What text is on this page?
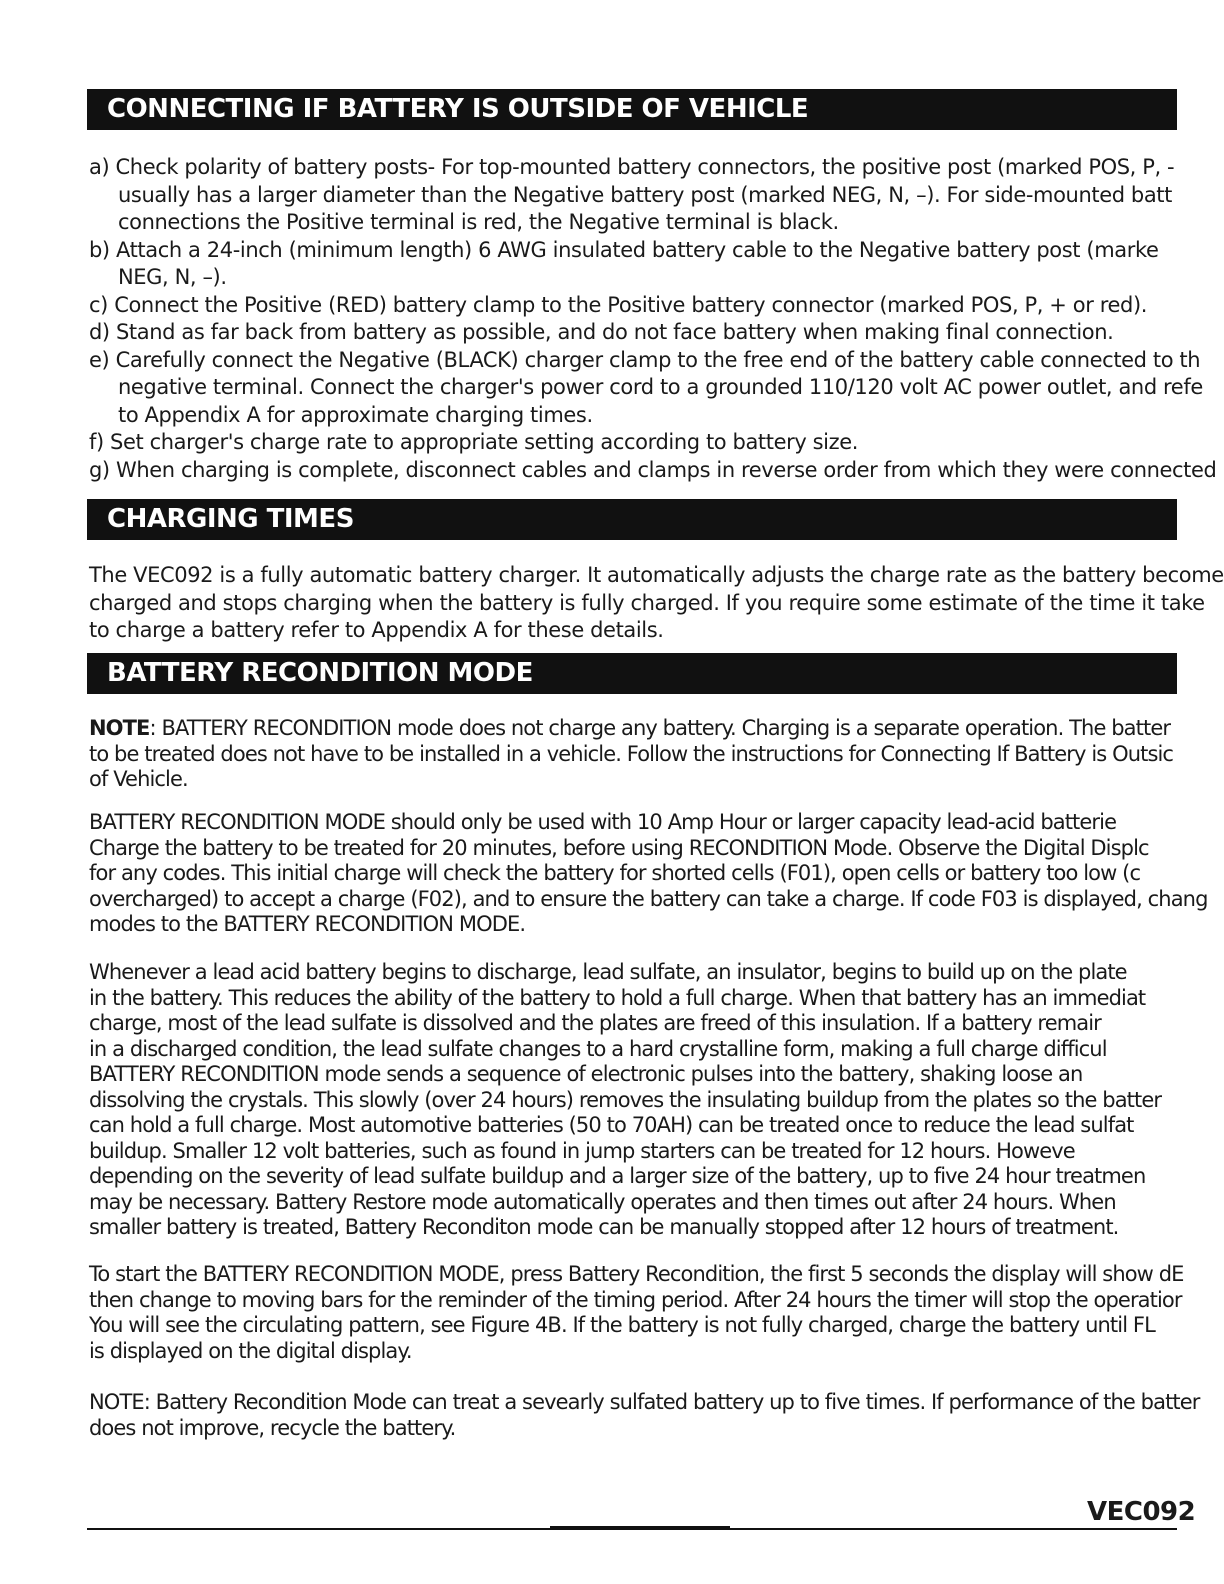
CONNECTING IF BATTERY IS OUTSIDE OF VEHICLE
a) Check polarity of battery posts- For top-mounted battery connectors, the positive post (marked POS, P, -
usually has a larger diameter than the Negative battery post (marked NEG, N, –). For side-mounted batt
connections the Positive terminal is red, the Negative terminal is black.
b) Attach a 24-inch (minimum length) 6 AWG insulated battery cable to the Negative battery post (marke
NEG, N, –).
c) Connect the Positive (RED) battery clamp to the Positive battery connector (marked POS, P, + or red).
d) Stand as far back from battery as possible, and do not face battery when making final connection.
e) Carefully connect the Negative (BLACK) charger clamp to the free end of the battery cable connected to th
negative terminal. Connect the charger's power cord to a grounded 110/120 volt AC power outlet, and refe
to Appendix A for approximate charging times.
f) Set charger's charge rate to appropriate setting according to battery size.
g) When charging is complete, disconnect cables and clamps in reverse order from which they were connected
CHARGING TIMES

The VEC092 is a fully automatic battery charger. It automatically adjusts the charge rate as the battery become
charged and stops charging when the battery is fully charged. If you require some estimate of the time it take
to charge a battery refer to Appendix A for these details.

BATTERY RECONDITION MODE

NOTE: BATTERY RECONDITION mode does not charge any battery. Charging is a separate operation. The batter
to be treated does not have to be installed in a vehicle. Follow the instructions for Connecting If Battery is Outsic
of Vehicle.

BATTERY RECONDITION MODE should only be used with 10 Amp Hour or larger capacity lead-acid batterie
Charge the battery to be treated for 20 minutes, before using RECONDITION Mode. Observe the Digital Displc
for any codes. This initial charge will check the battery for shorted cells (F01), open cells or battery too low (c
overcharged) to accept a charge (F02), and to ensure the battery can take a charge. If code F03 is displayed, chang
modes to the BATTERY RECONDITION MODE.

Whenever a lead acid battery begins to discharge, lead sulfate, an insulator, begins to build up on the plate
in the battery. This reduces the ability of the battery to hold a full charge. When that battery has an immediat
charge, most of the lead sulfate is dissolved and the plates are freed of this insulation. If a battery remair
in a discharged condition, the lead sulfate changes to a hard crystalline form, making a full charge difficul
BATTERY RECONDITION mode sends a sequence of electronic pulses into the battery, shaking loose an
dissolving the crystals. This slowly (over 24 hours) removes the insulating buildup from the plates so the batter
can hold a full charge. Most automotive batteries (50 to 70AH) can be treated once to reduce the lead sulfat
buildup. Smaller 12 volt batteries, such as found in jump starters can be treated for 12 hours. Howeve
depending on the severity of lead sulfate buildup and a larger size of the battery, up to five 24 hour treatmen
may be necessary. Battery Restore mode automatically operates and then times out after 24 hours. When
smaller battery is treated, Battery Reconditon mode can be manually stopped after 12 hours of treatment.

To start the BATTERY RECONDITION MODE, press Battery Recondition, the first 5 seconds the display will show dE
then change to moving bars for the reminder of the timing period. After 24 hours the timer will stop the operatior
You will see the circulating pattern, see Figure 4B. If the battery is not fully charged, charge the battery until FL
is displayed on the digital display.

NOTE: Battery Recondition Mode can treat a sevearly sulfated battery up to five times. If performance of the batter
does not improve, recycle the battery.

VEC092
